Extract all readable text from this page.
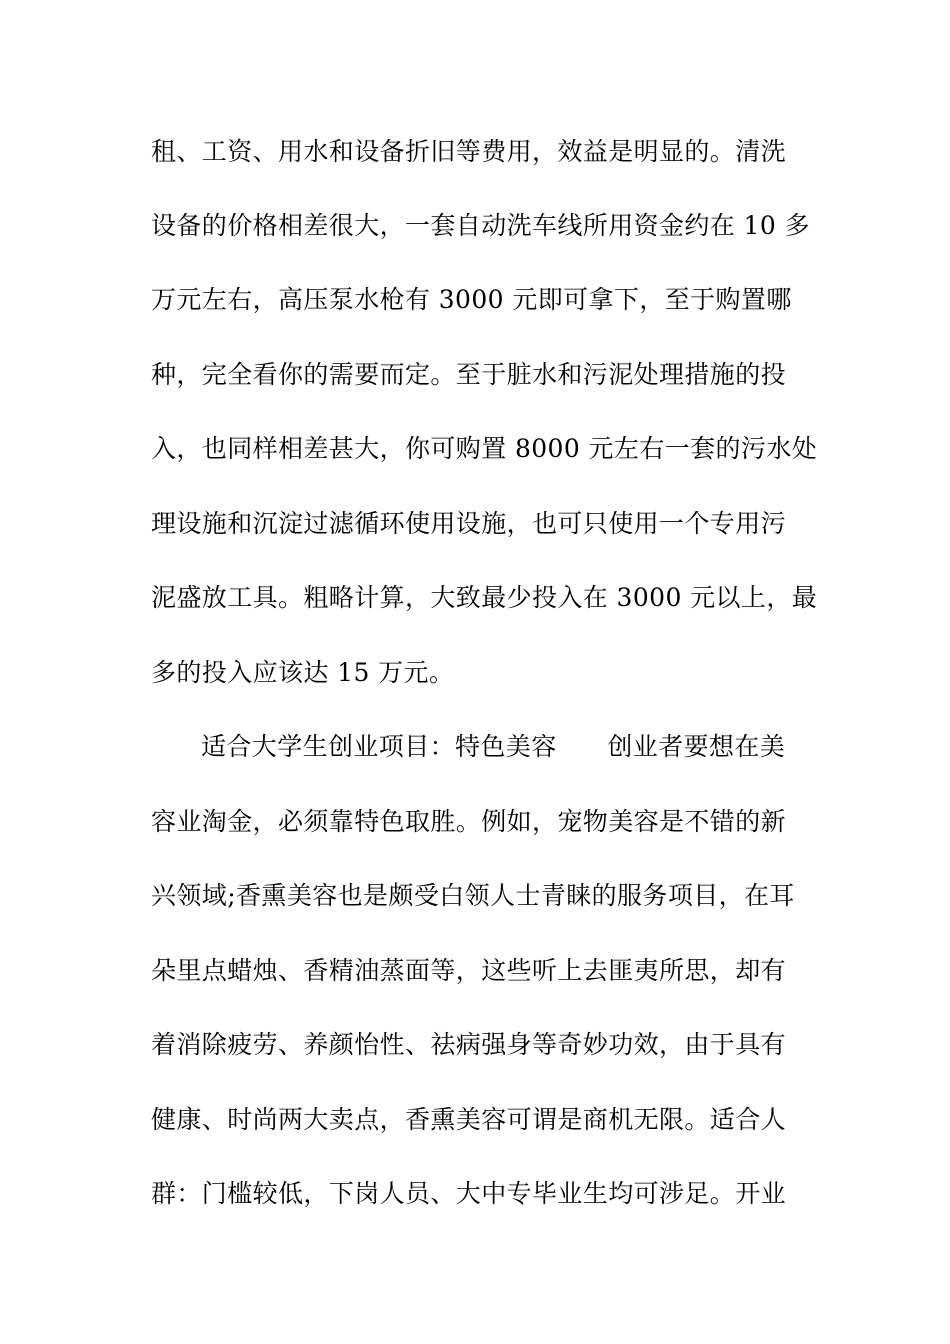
租、工资、用水和设备折旧等费用，效益是明显的。清洗
设备的价格相差很大，一套自动洗车线所用资金约在 10 多
万元左右，高压泵水枪有 3000 元即可拿下，至于购置哪
种，完全看你的需要而定。至于脏水和污泥处理措施的投
入，也同样相差甚大，你可购置 8000 元左右一套的污水处
理设施和沉淀过滤循环使用设施，也可只使用一个专用污
泥盛放工具。粗略计算，大致最少投入在 3000 元以上，最
多的投入应该达 15 万元。
适合大学生创业项目：特色美容　　创业者要想在美
容业淘金，必须靠特色取胜。例如，宠物美容是不错的新
兴领域;香熏美容也是颇受白领人士青睐的服务项目，在耳
朵里点蜡烛、香精油蒸面等，这些听上去匪夷所思，却有
着消除疲劳、养颜怡性、祛病强身等奇妙功效，由于具有
健康、时尚两大卖点，香熏美容可谓是商机无限。适合人
群：门槛较低，下岗人员、大中专毕业生均可涉足。开业
